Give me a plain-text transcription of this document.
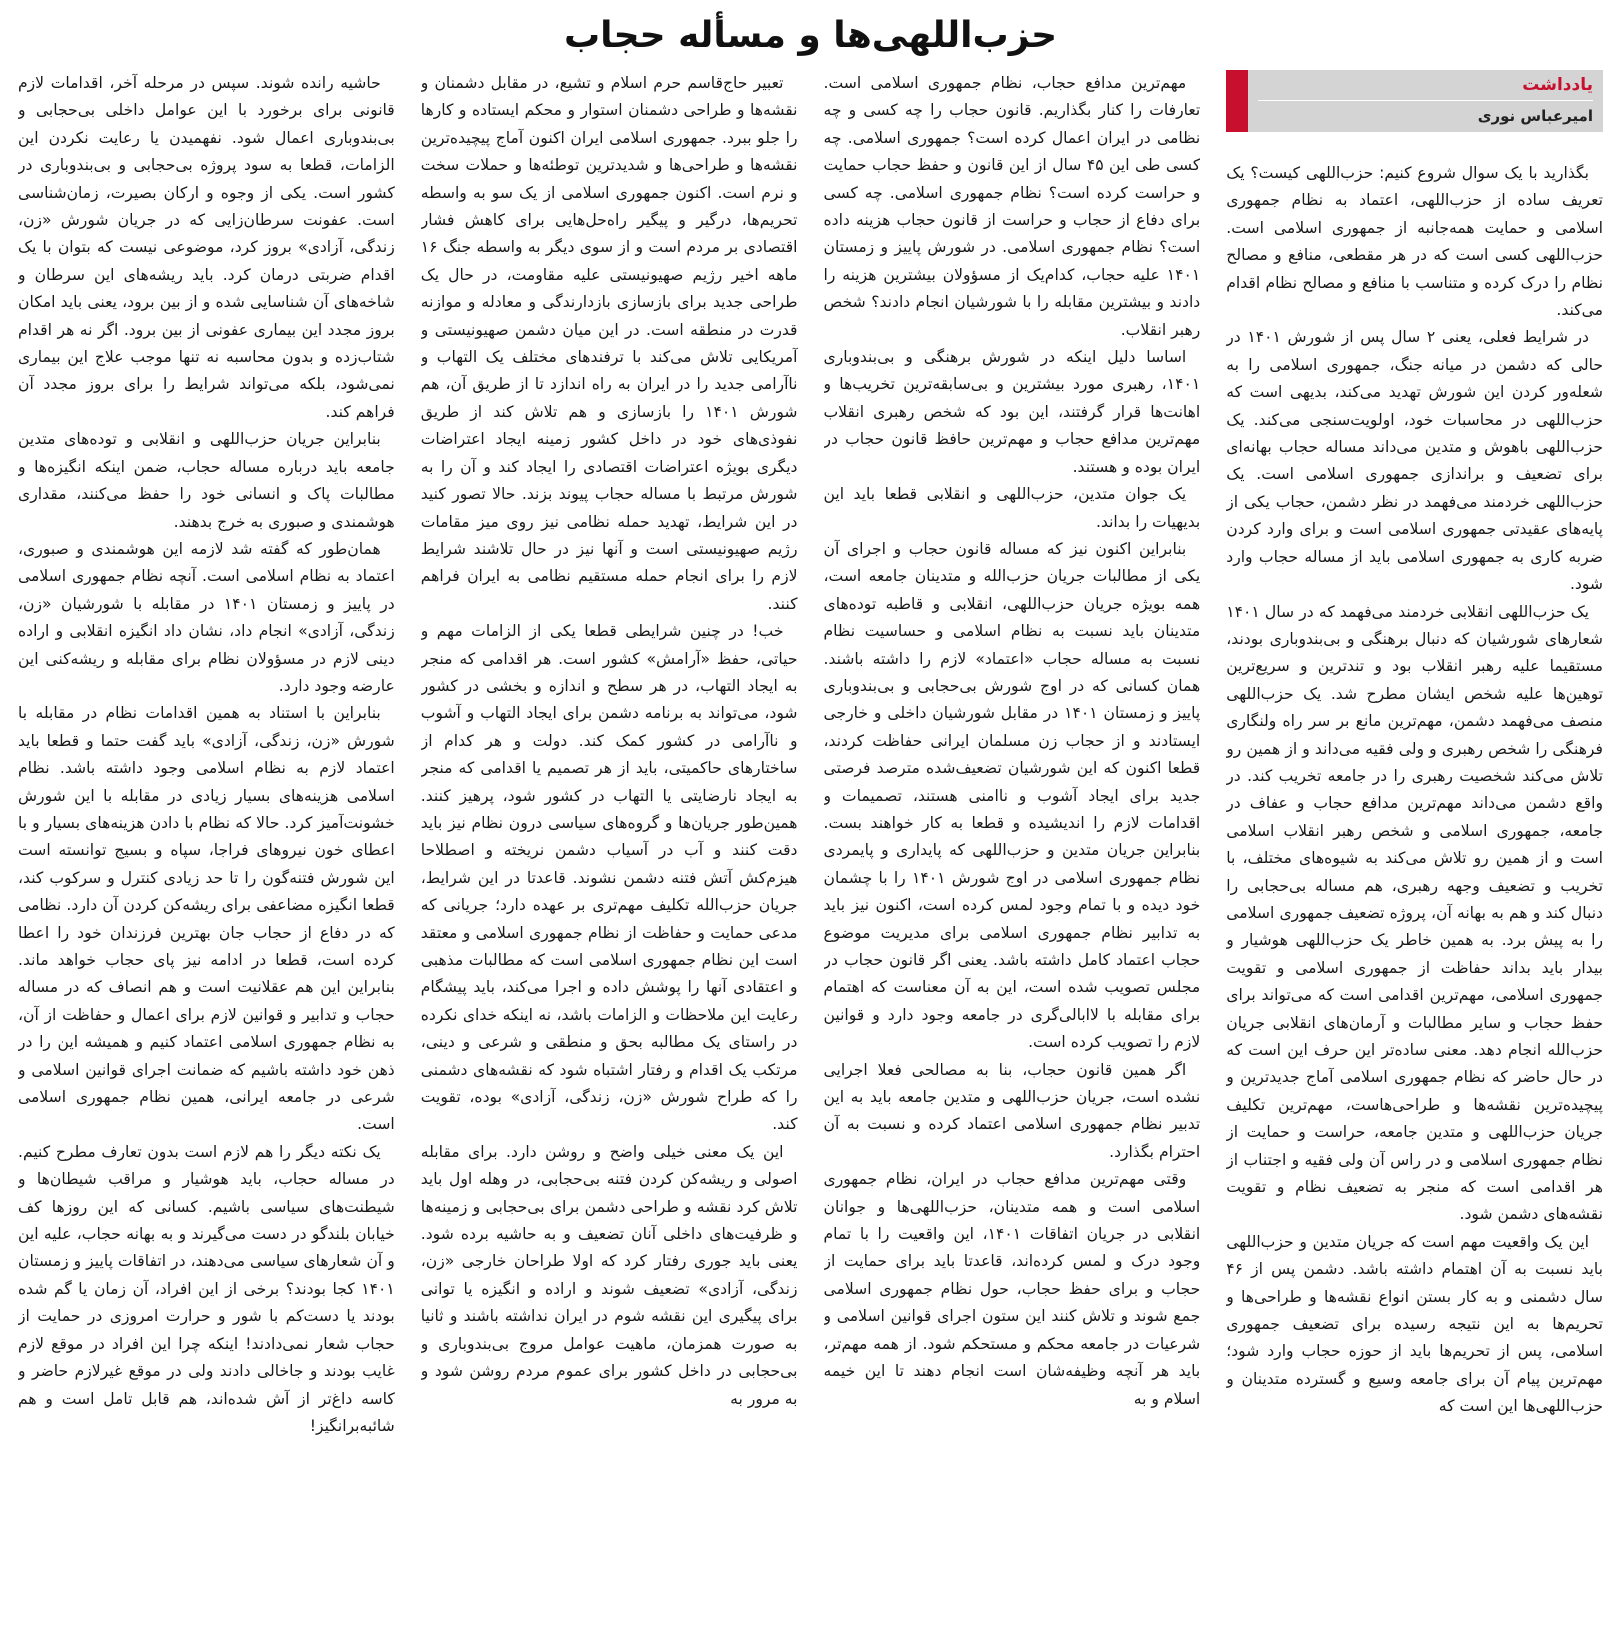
حزب‌اللهی‌ها و مسأله حجاب
یادداشت
امیرعباس نوری

بگذارید با یک سوال شروع کنیم: حزب‌اللهی کیست؟ یک تعریف ساده از حزب‌اللهی، اعتماد به نظام جمهوری اسلامی و حمایت همه‌جانبه از جمهوری اسلامی است. حزب‌اللهی کسی است که در هر مقطعی، منافع و مصالح نظام را درک کرده و متناسب با منافع و مصالح نظام اقدام می‌کند.

در شرایط فعلی، یعنی ۲ سال پس از شورش ۱۴۰۱ در حالی که دشمن در میانه جنگ، جمهوری اسلامی را به شعله‌ور کردن این شورش تهدید می‌کند، بدیهی است که حزب‌اللهی در محاسبات خود، اولویت‌سنجی می‌کند. یک حزب‌اللهی باهوش و متدین می‌داند مساله حجاب بهانه‌ای برای تضعیف و براندازی جمهوری اسلامی است. یک حزب‌اللهی خردمند می‌فهمد در نظر دشمن، حجاب یکی از پایه‌های عقیدتی جمهوری اسلامی است و برای وارد کردن ضربه کاری به جمهوری اسلامی باید از مساله حجاب وارد شود.

یک حزب‌اللهی انقلابی خردمند می‌فهمد که در سال ۱۴۰۱ شعارهای شورشیان که دنبال برهنگی و بی‌بندوباری بودند، مستقیما علیه رهبر انقلاب بود و تندترین و سریع‌ترین توهین‌ها علیه شخص ایشان مطرح شد. یک حزب‌اللهی منصف می‌فهمد دشمن، مهم‌ترین مانع بر سر راه ولنگاری فرهنگی را شخص رهبری و ولی فقیه می‌داند و از همین رو تلاش می‌کند شخصیت رهبری را در جامعه تخریب کند. در واقع دشمن می‌داند مهم‌ترین مدافع حجاب و عفاف در جامعه، جمهوری اسلامی و شخص رهبر انقلاب اسلامی است و از همین رو تلاش می‌کند به شیوه‌های مختلف، با تخریب و تضعیف وجهه رهبری، هم مساله بی‌حجابی را دنبال کند و هم به بهانه آن، پروژه تضعیف جمهوری اسلامی را به پیش برد. به همین خاطر یک حزب‌اللهی هوشیار و بیدار باید بداند حفاظت از جمهوری اسلامی و تقویت جمهوری اسلامی، مهم‌ترین اقدامی است که می‌تواند برای حفظ حجاب و سایر مطالبات و آرمان‌های انقلابی جریان حزب‌الله انجام دهد. معنی ساده‌تر این حرف این است که در حال حاضر که نظام جمهوری اسلامی آماج جدیدترین و پیچیده‌ترین نقشه‌ها و طراحی‌هاست، مهم‌ترین تکلیف جریان حزب‌اللهی و متدین جامعه، حراست و حمایت از نظام جمهوری اسلامی و در راس آن ولی فقیه و اجتناب از هر اقدامی است که منجر به تضعیف نظام و تقویت نقشه‌های دشمن شود.

این یک واقعیت مهم است که جریان متدین و حزب‌اللهی باید نسبت به آن اهتمام داشته باشد. دشمن پس از ۴۶ سال دشمنی و به کار بستن انواع نقشه‌ها و طراحی‌ها و تحریم‌ها به این نتیجه رسیده برای تضعیف جمهوری اسلامی، پس از تحریم‌ها باید از حوزه حجاب وارد شود؛ مهم‌ترین پیام آن برای جامعه وسیع و گسترده متدینان و حزب‌اللهی‌ها این است که

مهم‌ترین مدافع حجاب، نظام جمهوری اسلامی است. تعارفات را کنار بگذاریم. قانون حجاب را چه کسی و چه نظامی در ایران اعمال کرده است؟ جمهوری اسلامی. چه کسی طی این ۴۵ سال از این قانون و حفظ حجاب حمایت و حراست کرده است؟ نظام جمهوری اسلامی. چه کسی برای دفاع از حجاب و حراست از قانون حجاب هزینه داده است؟ نظام جمهوری اسلامی. در شورش پاییز و زمستان ۱۴۰۱ علیه حجاب، کدام‌یک از مسؤولان بیشترین هزینه را دادند و بیشترین مقابله را با شورشیان انجام دادند؟ شخص رهبر انقلاب.

اساسا دلیل اینکه در شورش برهنگی و بی‌بندوباری ۱۴۰۱، رهبری مورد بیشترین و بی‌سابقه‌ترین تخریب‌ها و اهانت‌ها قرار گرفتند، این بود که شخص رهبری انقلاب مهم‌ترین مدافع حجاب و مهم‌ترین حافظ قانون حجاب در ایران بوده و هستند.

یک جوان متدین، حزب‌اللهی و انقلابی قطعا باید این بدیهیات را بداند.

بنابراین اکنون نیز که مساله قانون حجاب و اجرای آن یکی از مطالبات جریان حزب‌الله و متدینان جامعه است، همه بویژه جریان حزب‌اللهی، انقلابی و قاطبه توده‌های متدینان باید نسبت به نظام اسلامی و حساسیت نظام نسبت به مساله حجاب «اعتماد» لازم را داشته باشند. همان کسانی که در اوج شورش بی‌حجابی و بی‌بندوباری پاییز و زمستان ۱۴۰۱ در مقابل شورشیان داخلی و خارجی ایستادند و از حجاب زن مسلمان ایرانی حفاظت کردند، قطعا اکنون که این شورشیان تضعیف‌شده مترصد فرصتی جدید برای ایجاد آشوب و ناامنی هستند، تصمیمات و اقدامات لازم را اندیشیده و قطعا به کار خواهند بست. بنابراین جریان متدین و حزب‌اللهی که پایداری و پایمردی نظام جمهوری اسلامی در اوج شورش ۱۴۰۱ را با چشمان خود دیده و با تمام وجود لمس کرده است، اکنون نیز باید به تدابیر نظام جمهوری اسلامی برای مدیریت موضوع حجاب اعتماد کامل داشته باشد. یعنی اگر قانون حجاب در مجلس تصویب شده است، این به آن معناست که اهتمام برای مقابله با لاابالی‌گری در جامعه وجود دارد و قوانین لازم را تصویب کرده است.

اگر همین قانون حجاب، بنا به مصالحی فعلا اجرایی نشده است، جریان حزب‌اللهی و متدین جامعه باید به این تدبیر نظام جمهوری اسلامی اعتماد کرده و نسبت به آن احترام بگذارد.

وقتی مهم‌ترین مدافع حجاب در ایران، نظام جمهوری اسلامی است و همه متدینان، حزب‌اللهی‌ها و جوانان انقلابی در جریان اتفاقات ۱۴۰۱، این واقعیت را با تمام وجود درک و لمس کرده‌اند، قاعدتا باید برای حمایت از حجاب و برای حفظ حجاب، حول نظام جمهوری اسلامی جمع شوند و تلاش کنند این ستون اجرای قوانین اسلامی و شرعیات در جامعه محکم و مستحکم شود. از همه مهم‌تر، باید هر آنچه وظیفه‌شان است انجام دهند تا این خیمه اسلام و به

تعبیر حاج‌قاسم حرم اسلام و تشیع، در مقابل دشمنان و نقشه‌ها و طراحی دشمنان استوار و محکم ایستاده و کارها را جلو ببرد. جمهوری اسلامی ایران اکنون آماج پیچیده‌ترین نقشه‌ها و طراحی‌ها و شدیدترین توطئه‌ها و حملات سخت و نرم است. اکنون جمهوری اسلامی از یک سو به واسطه تحریم‌ها، درگیر و پیگیر راه‌حل‌هایی برای کاهش فشار اقتصادی بر مردم است و از سوی دیگر به واسطه جنگ ۱۶ ماهه اخیر رژیم صهیونیستی علیه مقاومت، در حال یک طراحی جدید برای بازسازی بازدارندگی و معادله و موازنه قدرت در منطقه است. در این میان دشمن صهیونیستی و آمریکایی تلاش می‌کند با ترفندهای مختلف یک التهاب و ناآرامی جدید را در ایران به راه اندازد تا از طریق آن، هم شورش ۱۴۰۱ را بازسازی و هم تلاش کند از طریق نفوذی‌های خود در داخل کشور زمینه ایجاد اعتراضات دیگری بویژه اعتراضات اقتصادی را ایجاد کند و آن را به شورش مرتبط با مساله حجاب پیوند بزند. حالا تصور کنید در این شرایط، تهدید حمله نظامی نیز روی میز مقامات رژیم صهیونیستی است و آنها نیز در حال تلاشند شرایط لازم را برای انجام حمله مستقیم نظامی به ایران فراهم کنند.

خب! در چنین شرایطی قطعا یکی از الزامات مهم و حیاتی، حفظ «آرامش» کشور است. هر اقدامی که منجر به ایجاد التهاب، در هر سطح و اندازه و بخشی در کشور شود، می‌تواند به برنامه دشمن برای ایجاد التهاب و آشوب و ناآرامی در کشور کمک کند. دولت و هر کدام از ساختارهای حاکمیتی، باید از هر تصمیم یا اقدامی که منجر به ایجاد نارضایتی یا التهاب در کشور شود، پرهیز کنند. همین‌طور جریان‌ها و گروه‌های سیاسی درون نظام نیز باید دقت کنند و آب در آسیاب دشمن نریخته و اصطلاحا هیزم‌کش آتش فتنه دشمن نشوند. قاعدتا در این شرایط، جریان حزب‌الله تکلیف مهم‌تری بر عهده دارد؛ جریانی که مدعی حمایت و حفاظت از نظام جمهوری اسلامی و معتقد است این نظام جمهوری اسلامی است که مطالبات مذهبی و اعتقادی آنها را پوشش داده و اجرا می‌کند، باید پیشگام رعایت این ملاحظات و الزامات باشد، نه اینکه خدای نکرده در راستای یک مطالبه بحق و منطقی و شرعی و دینی، مرتکب یک اقدام و رفتار اشتباه شود که نقشه‌های دشمنی را که طراح شورش «زن، زندگی، آزادی» بوده، تقویت کند.

این یک معنی خیلی واضح و روشن دارد. برای مقابله اصولی و ریشه‌کن کردن فتنه بی‌حجابی، در وهله اول باید تلاش کرد نقشه و طراحی دشمن برای بی‌حجابی و زمینه‌ها و ظرفیت‌های داخلی آنان تضعیف و به حاشیه برده شود. یعنی باید جوری رفتار کرد که اولا طراحان خارجی «زن، زندگی، آزادی» تضعیف شوند و اراده و انگیزه یا توانی برای پیگیری این نقشه شوم در ایران نداشته باشند و ثانیا به صورت همزمان، ماهیت عوامل مروج بی‌بندوباری و بی‌حجابی در داخل کشور برای عموم مردم روشن شود و به مرور به

حاشیه رانده شوند. سپس در مرحله آخر، اقدامات لازم قانونی برای برخورد با این عوامل داخلی بی‌حجابی و بی‌بندوباری اعمال شود. نفهمیدن یا رعایت نکردن این الزامات، قطعا به سود پروژه بی‌حجابی و بی‌بندوباری در کشور است. یکی از وجوه و ارکان بصیرت، زمان‌شناسی است. عفونت سرطان‌زایی که در جریان شورش «زن، زندگی، آزادی» بروز کرد، موضوعی نیست که بتوان با یک اقدام ضربتی درمان کرد. باید ریشه‌های این سرطان و شاخه‌های آن شناسایی شده و از بین برود، یعنی باید امکان بروز مجدد این بیماری عفونی از بین برود. اگر نه هر اقدام شتاب‌زده و بدون محاسبه نه تنها موجب علاج این بیماری نمی‌شود، بلکه می‌تواند شرایط را برای بروز مجدد آن فراهم کند.

بنابراین جریان حزب‌اللهی و انقلابی و توده‌های متدین جامعه باید درباره مساله حجاب، ضمن اینکه انگیزه‌ها و مطالبات پاک و انسانی خود را حفظ می‌کنند، مقداری هوشمندی و صبوری به خرج بدهند.

همان‌طور که گفته شد لازمه این هوشمندی و صبوری، اعتماد به نظام اسلامی است. آنچه نظام جمهوری اسلامی در پاییز و زمستان ۱۴۰۱ در مقابله با شورشیان «زن، زندگی، آزادی» انجام داد، نشان داد انگیزه انقلابی و اراده دینی لازم در مسؤولان نظام برای مقابله و ریشه‌کنی این عارضه وجود دارد.

بنابراین با استناد به همین اقدامات نظام در مقابله با شورش «زن، زندگی، آزادی» باید گفت حتما و قطعا باید اعتماد لازم به نظام اسلامی وجود داشته باشد. نظام اسلامی هزینه‌های بسیار زیادی در مقابله با این شورش خشونت‌آمیز کرد. حالا که نظام با دادن هزینه‌های بسیار و با اعطای خون نیروهای فراجا، سپاه و بسیج توانسته است این شورش فتنه‌گون را تا حد زیادی کنترل و سرکوب کند، قطعا انگیزه مضاعفی برای ریشه‌کن کردن آن دارد. نظامی که در دفاع از حجاب جان بهترین فرزندان خود را اعطا کرده است، قطعا در ادامه نیز پای حجاب خواهد ماند. بنابراین این هم عقلانیت است و هم انصاف که در مساله حجاب و تدابیر و قوانین لازم برای اعمال و حفاظت از آن، به نظام جمهوری اسلامی اعتماد کنیم و همیشه این را در ذهن خود داشته باشیم که ضمانت اجرای قوانین اسلامی و شرعی در جامعه ایرانی، همین نظام جمهوری اسلامی است.

یک نکته دیگر را هم لازم است بدون تعارف مطرح کنیم. در مساله حجاب، باید هوشیار و مراقب شیطان‌ها و شیطنت‌های سیاسی باشیم. کسانی که این روزها کف خیابان بلندگو در دست می‌گیرند و به بهانه حجاب، علیه این و آن شعارهای سیاسی می‌دهند، در اتفاقات پاییز و زمستان ۱۴۰۱ کجا بودند؟ برخی از این افراد، آن زمان یا گم شده بودند یا دست‌کم با شور و حرارت امروزی در حمایت از حجاب شعار نمی‌دادند! اینکه چرا این افراد در موقع لازم غایب بودند و جاخالی دادند ولی در موقع غیرلازم حاضر و کاسه داغ‌تر از آش شده‌اند، هم قابل تامل است و هم شائبه‌برانگیز!
